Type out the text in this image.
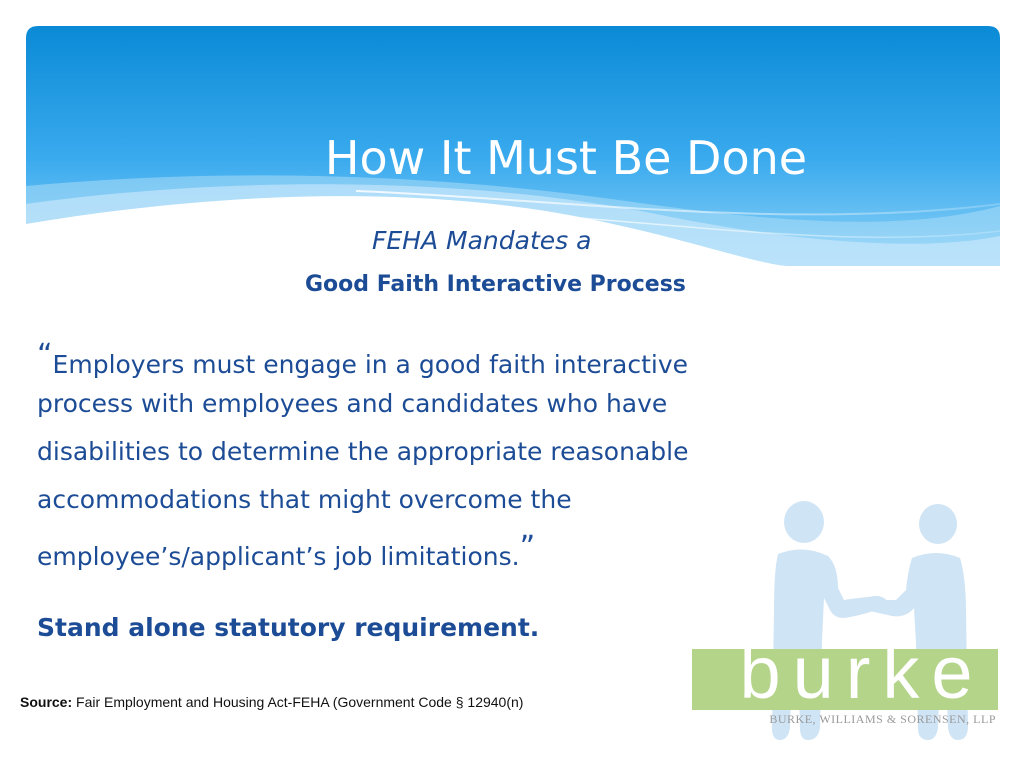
How It Must Be Done
FEHA Mandates a
Good Faith Interactive Process
“Employers must engage in a good faith interactive
process with employees and candidates who have
disabilities to determine the appropriate reasonable
accommodations that might overcome the
employee’s/applicant’s job limitations.”
Stand alone statutory requirement.
Source: Fair Employment and Housing Act-FEHA (Government Code § 12940(n)	burke
BURKE, WILLIAMS & SORENSEN, LLP
